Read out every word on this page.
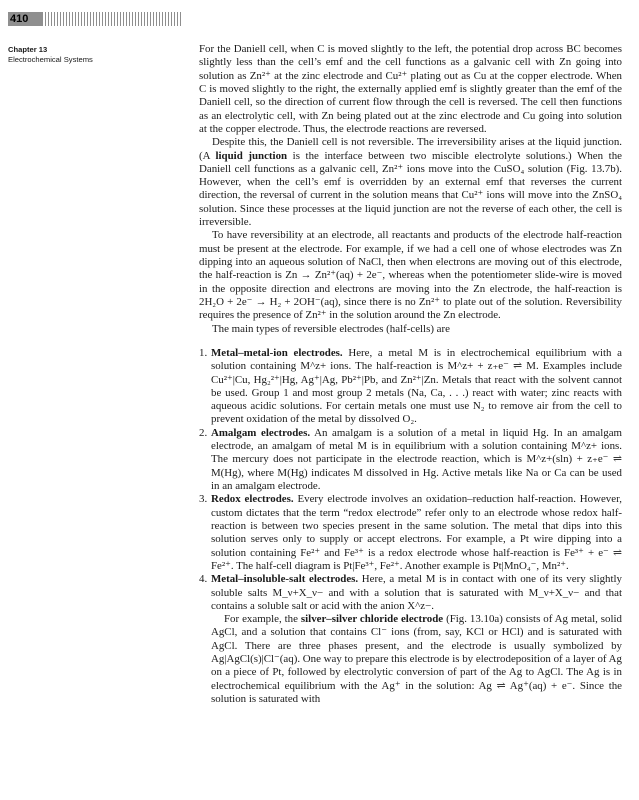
410
Chapter 13
Electrochemical Systems

For the Daniell cell, when C is moved slightly to the left, the potential drop across BC becomes slightly less than the cell’s emf and the cell functions as a galvanic cell with Zn going into solution as Zn²⁺ at the zinc electrode and Cu²⁺ plating out as Cu at the copper electrode. When C is moved slightly to the right, the externally applied emf is slightly greater than the emf of the Daniell cell, so the direction of current flow through the cell is reversed. The cell then functions as an electrolytic cell, with Zn being plated out at the zinc electrode and Cu going into solution at the copper electrode. Thus, the electrode reactions are reversed.

Despite this, the Daniell cell is not reversible. The irreversibility arises at the liquid junction. (A liquid junction is the interface between two miscible electrolyte solutions.) When the Daniell cell functions as a galvanic cell, Zn²⁺ ions move into the CuSO₄ solution (Fig. 13.7b). However, when the cell’s emf is overridden by an external emf that reverses the current direction, the reversal of current in the solution means that Cu²⁺ ions will move into the ZnSO₄ solution. Since these processes at the liquid junction are not the reverse of each other, the cell is irreversible.

To have reversibility at an electrode, all reactants and products of the electrode half-reaction must be present at the electrode. For example, if we had a cell one of whose electrodes was Zn dipping into an aqueous solution of NaCl, then when electrons are moving out of this electrode, the half-reaction is Zn → Zn²⁺(aq) + 2e⁻, whereas when the potentiometer slide-wire is moved in the opposite direction and electrons are moving into the Zn electrode, the half-reaction is 2H₂O + 2e⁻ → H₂ + 2OH⁻(aq), since there is no Zn²⁺ to plate out of the solution. Reversibility requires the presence of Zn²⁺ in the solution around the Zn electrode.

The main types of reversible electrodes (half-cells) are

1. Metal–metal-ion electrodes. Here, a metal M is in electrochemical equilibrium with a solution containing M^z+ ions. The half-reaction is M^z+ + z₊e⁻ ⇌ M. Examples include Cu²⁺|Cu, Hg₂²⁺|Hg, Ag⁺|Ag, Pb²⁺|Pb, and Zn²⁺|Zn. Metals that react with the solvent cannot be used. Group 1 and most group 2 metals (Na, Ca, . . .) react with water; zinc reacts with aqueous acidic solutions. For certain metals one must use N₂ to remove air from the cell to prevent oxidation of the metal by dissolved O₂.

2. Amalgam electrodes. An amalgam is a solution of a metal in liquid Hg. In an amalgam electrode, an amalgam of metal M is in equilibrium with a solution containing M^z+ ions. The mercury does not participate in the electrode reaction, which is M^z+(sln) + z₊e⁻ ⇌ M(Hg), where M(Hg) indicates M dissolved in Hg. Active metals like Na or Ca can be used in an amalgam electrode.

3. Redox electrodes. Every electrode involves an oxidation–reduction half-reaction. However, custom dictates that the term “redox electrode” refer only to an electrode whose redox half-reaction is between two species present in the same solution. The metal that dips into this solution serves only to supply or accept electrons. For example, a Pt wire dipping into a solution containing Fe²⁺ and Fe³⁺ is a redox electrode whose half-reaction is Fe³⁺ + e⁻ ⇌ Fe²⁺. The half-cell diagram is Pt|Fe³⁺, Fe²⁺. Another example is Pt|MnO₄⁻, Mn²⁺.

4. Metal–insoluble-salt electrodes. Here, a metal M is in contact with one of its very slightly soluble salts M_ν+X_ν− and with a solution that is saturated with M_ν+X_ν− and that contains a soluble salt or acid with the anion X^z−.

For example, the silver–silver chloride electrode (Fig. 13.10a) consists of Ag metal, solid AgCl, and a solution that contains Cl⁻ ions (from, say, KCl or HCl) and is saturated with AgCl. There are three phases present, and the electrode is usually symbolized by Ag|AgCl(s)|Cl⁻(aq). One way to prepare this electrode is by electrodeposition of a layer of Ag on a piece of Pt, followed by electrolytic conversion of part of the Ag to AgCl. The Ag is in electrochemical equilibrium with the Ag⁺ in the solution: Ag ⇌ Ag⁺(aq) + e⁻. Since the solution is saturated with
